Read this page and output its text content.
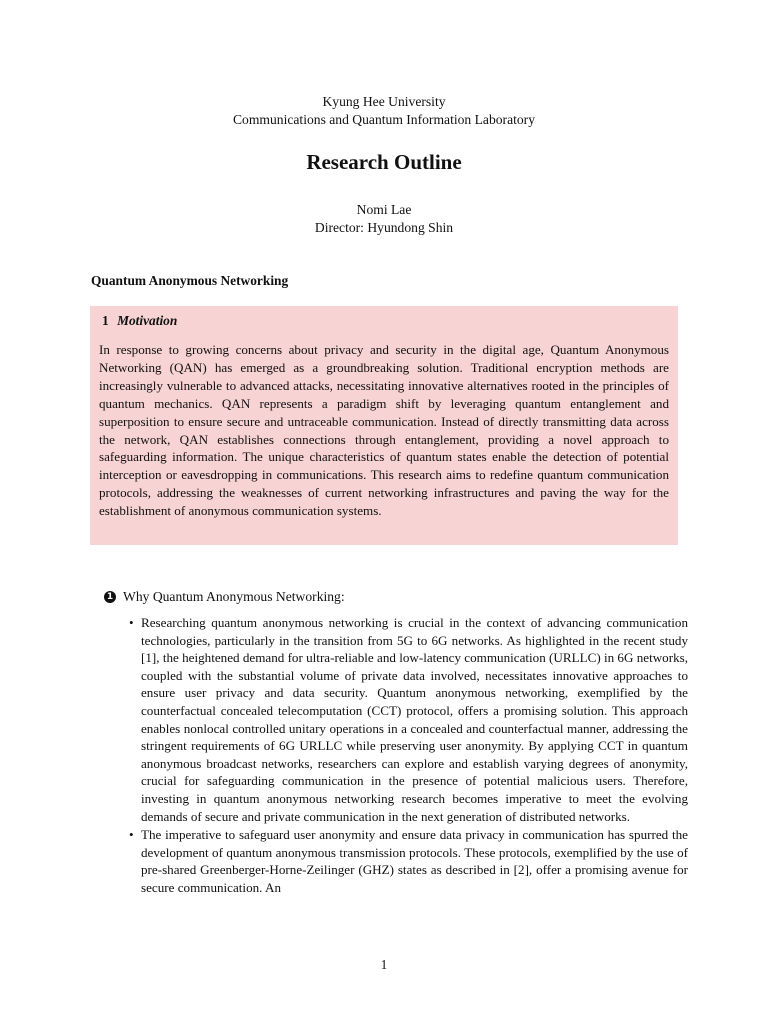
Kyung Hee University
Communications and Quantum Information Laboratory
Research Outline
Nomi Lae
Director: Hyundong Shin
Quantum Anonymous Networking
1 Motivation

In response to growing concerns about privacy and security in the digital age, Quantum Anonymous Networking (QAN) has emerged as a groundbreaking solution. Traditional encryption methods are increasingly vulnerable to advanced attacks, necessitating innovative alternatives rooted in the principles of quantum mechanics. QAN represents a paradigm shift by leveraging quantum entanglement and superposition to ensure secure and untraceable communication. Instead of directly transmitting data across the network, QAN establishes connections through entanglement, providing a novel approach to safeguarding information. The unique characteristics of quantum states enable the detection of potential interception or eavesdropping in communications. This research aims to redefine quantum communication protocols, addressing the weaknesses of current networking infrastructures and paving the way for the establishment of anonymous communication systems.

1 Why Quantum Anonymous Networking:
• Researching quantum anonymous networking is crucial in the context of advancing communication technologies, particularly in the transition from 5G to 6G networks. As highlighted in the recent study [1], the heightened demand for ultra-reliable and low-latency communication (URLLC) in 6G networks, coupled with the substantial volume of private data involved, necessitates innovative approaches to ensure user privacy and data security. Quantum anonymous networking, exemplified by the counterfactual concealed telecomputation (CCT) protocol, offers a promising solution. This approach enables nonlocal controlled unitary operations in a concealed and counterfactual manner, addressing the stringent requirements of 6G URLLC while preserving user anonymity. By applying CCT in quantum anonymous broadcast networks, researchers can explore and establish varying degrees of anonymity, crucial for safeguarding communication in the presence of potential malicious users. Therefore, investing in quantum anonymous networking research becomes imperative to meet the evolving demands of secure and private communication in the next generation of distributed networks.
• The imperative to safeguard user anonymity and ensure data privacy in communication has spurred the development of quantum anonymous transmission protocols. These protocols, exemplified by the use of pre-shared Greenberger-Horne-Zeilinger (GHZ) states as described in [2], offer a promising avenue for secure communication. An
1
